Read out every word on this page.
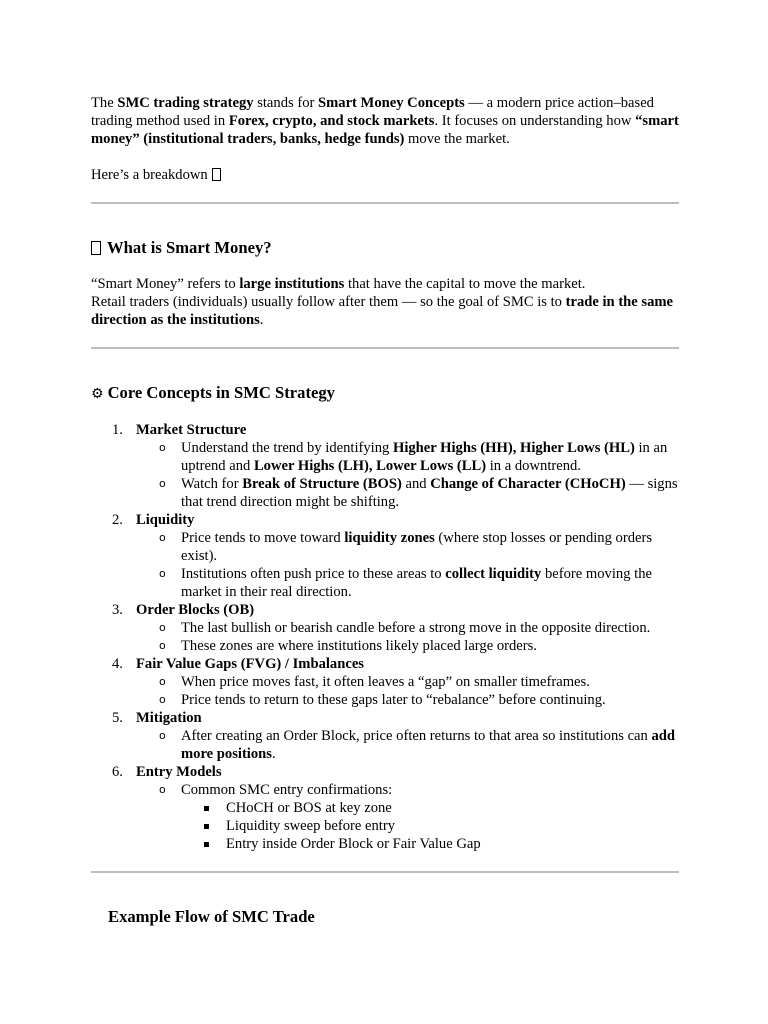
The SMC trading strategy stands for Smart Money Concepts — a modern price action–based trading method used in Forex, crypto, and stock markets. It focuses on understanding how “smart money” (institutional traders, banks, hedge funds) move the market.

Here’s a breakdown

What is Smart Money?

“Smart Money” refers to large institutions that have the capital to move the market.
Retail traders (individuals) usually follow after them — so the goal of SMC is to trade in the same direction as the institutions.

⚙ Core Concepts in SMC Strategy
1. Market Structure
o Understand the trend by identifying Higher Highs (HH), Higher Lows (HL) in an uptrend and Lower Highs (LH), Lower Lows (LL) in a downtrend.
o Watch for Break of Structure (BOS) and Change of Character (CHoCH) — signs that trend direction might be shifting.
2. Liquidity
o Price tends to move toward liquidity zones (where stop losses or pending orders exist).
o Institutions often push price to these areas to collect liquidity before moving the market in their real direction.
3. Order Blocks (OB)
o The last bullish or bearish candle before a strong move in the opposite direction.
o These zones are where institutions likely placed large orders.
4. Fair Value Gaps (FVG) / Imbalances
o When price moves fast, it often leaves a “gap” on smaller timeframes.
o Price tends to return to these gaps later to “rebalance” before continuing.
5. Mitigation
o After creating an Order Block, price often returns to that area so institutions can add more positions.
6. Entry Models
o Common SMC entry confirmations:
CHoCH or BOS at key zone
Liquidity sweep before entry
Entry inside Order Block or Fair Value Gap
Example Flow of SMC Trade
